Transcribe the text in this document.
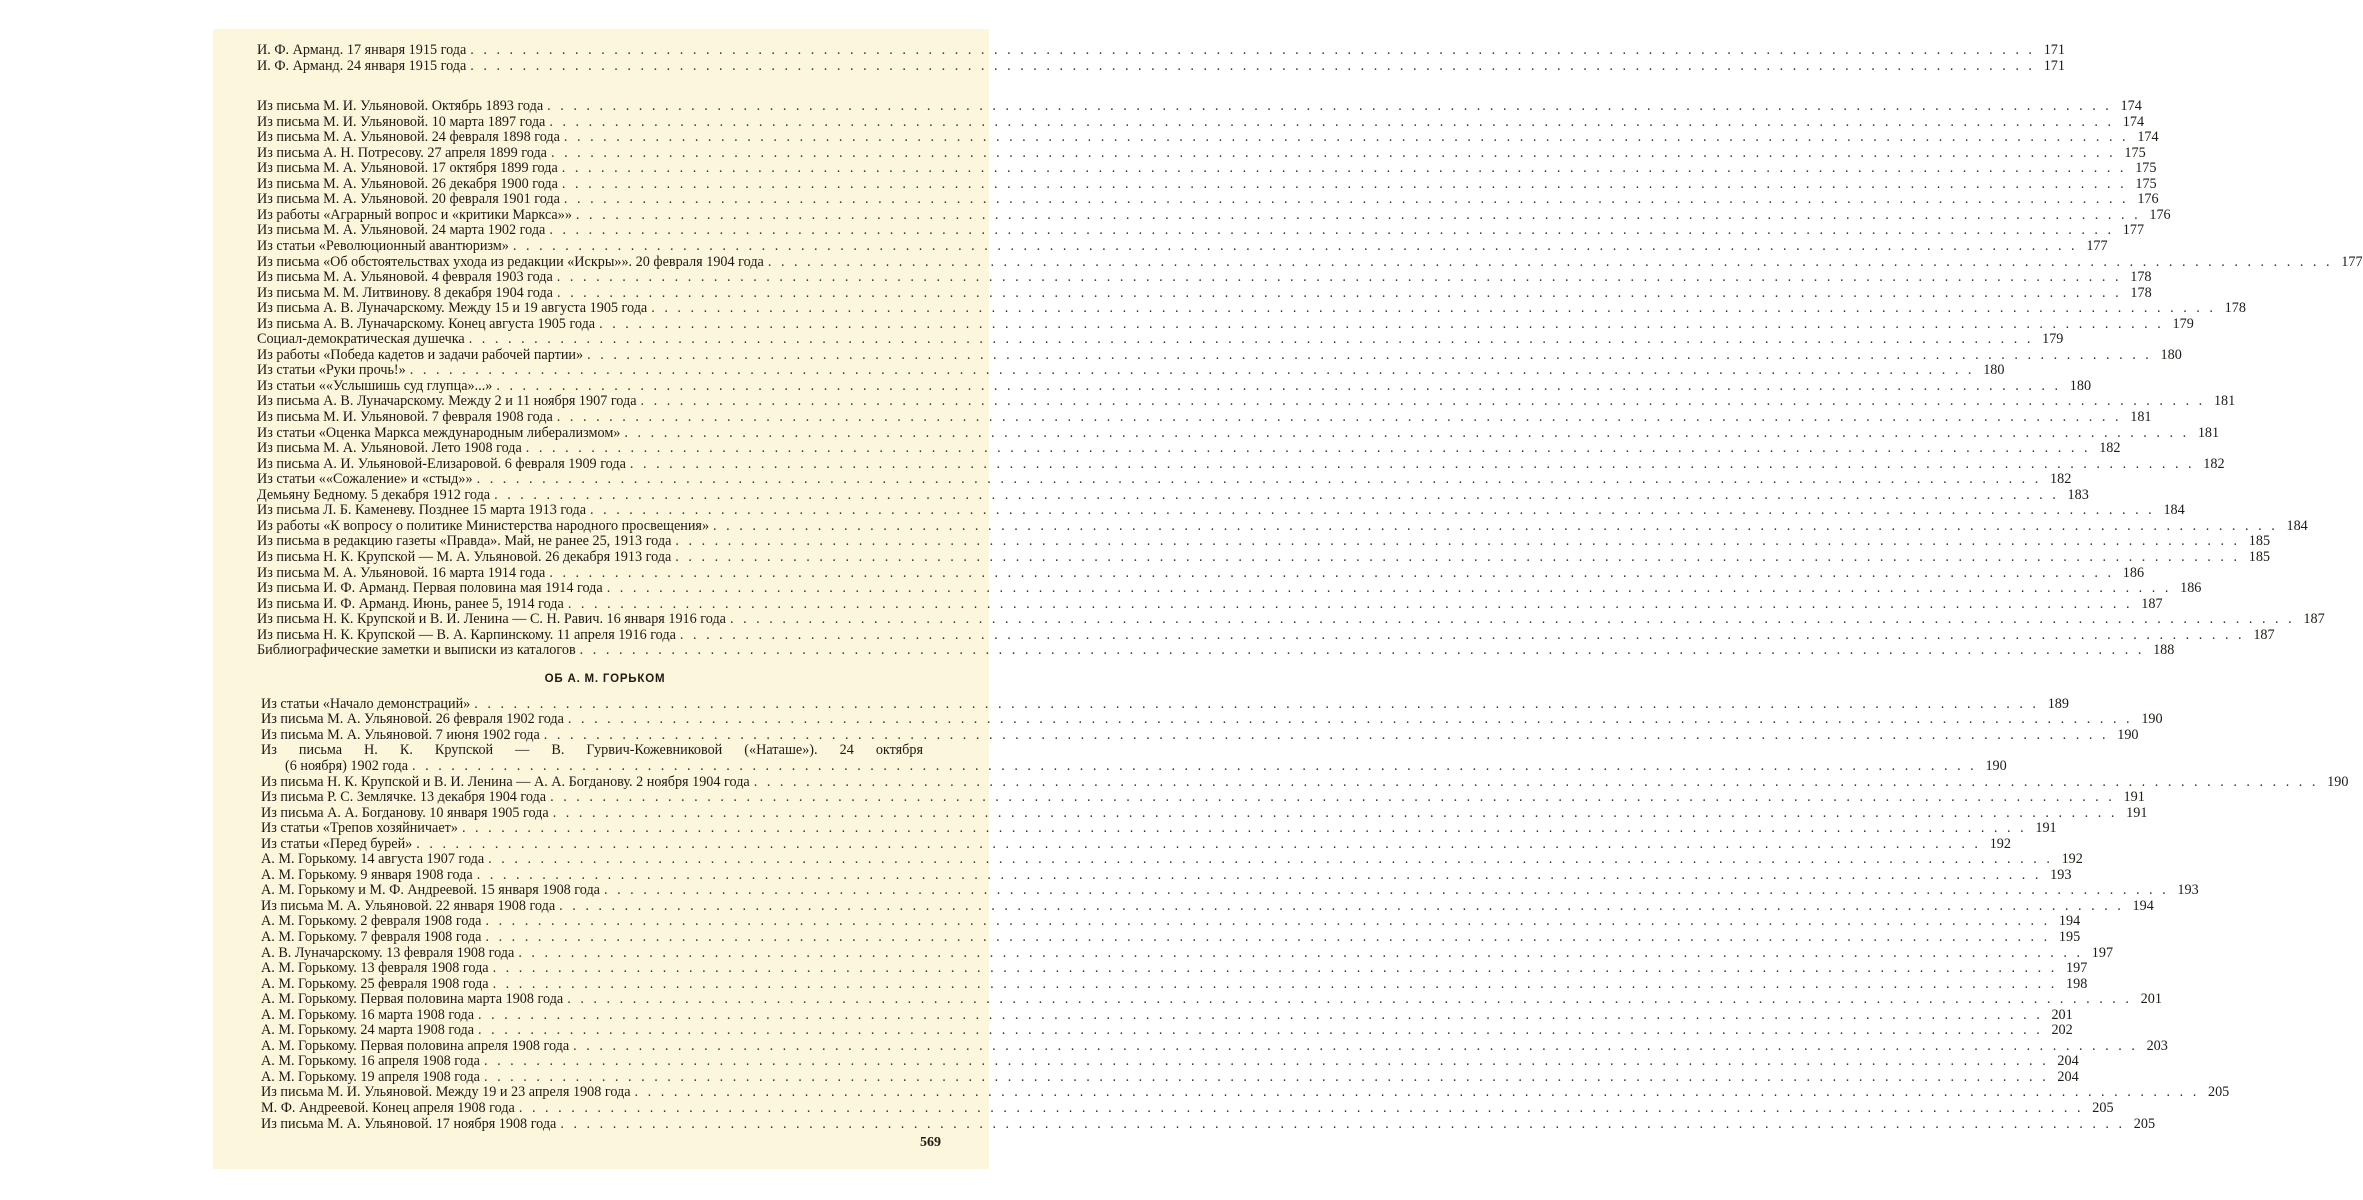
И. Ф. Арманд. 17 января 1915 года . . . . . . . . . . . . . . . . . . . . . . . . . . . . . . . . . . . . . . . . . . . . . . . . . . . . . . . . . . . . . . . . . . . . . . . . . . . . . . . . . . . . . . . . . . . . . . . . . . . . . . . . . . . . . . . . . . . . . . . . 171
И. Ф. Арманд. 24 января 1915 года . . . . . . . . . . . . . . . . . . . . . . . . . . . . . . . . . . . . . . . . . . . . . . . . . . . . . . . . . . . . . . . . . . . . . . . . . . . . . . . . . . . . . . . . . . . . . . . . . . . . . . . . . . . . . . . . . . . . . . . . 171
Из письма М. И. Ульяновой. Октябрь 1893 года . . . . . . . . . . . . . . . . . . . . . . . . . . . . . . . . . . . . . . . . . . . . . . . . . . . . . . . . . . . . . . . . . . . . . . . . . . . . . . . . . . . . . . . . . . . . . . . . . . . . . . . . . . . . . . . . . . . . . . . . 174
Из письма М. И. Ульяновой. 10 марта 1897 года . . . . . . . . . . . . . . . . . . . . . . . . . . . . . . . . . . . . . . . . . . . . . . . . . . . . . . . . . . . . . . . . . . . . . . . . . . . . . . . . . . . . . . . . . . . . . . . . . . . . . . . . . . . . . . . . . . . . . . . . 174
Из письма М. А. Ульяновой. 24 февраля 1898 года . . . . . . . . . . . . . . . . . . . . . . . . . . . . . . . . . . . . . . . . . . . . . . . . . . . . . . . . . . . . . . . . . . . . . . . . . . . . . . . . . . . . . . . . . . . . . . . . . . . . . . . . . . . . . . . . . . . . . . . . 174
Из письма А. Н. Потресову. 27 апреля 1899 года . . . . . . . . . . . . . . . . . . . . . . . . . . . . . . . . . . . . . . . . . . . . . . . . . . . . . . . . . . . . . . . . . . . . . . . . . . . . . . . . . . . . . . . . . . . . . . . . . . . . . . . . . . . . . . . . . . . . . . . . 175
Из письма М. А. Ульяновой. 17 октября 1899 года . . . . . . . . . . . . . . . . . . . . . . . . . . . . . . . . . . . . . . . . . . . . . . . . . . . . . . . . . . . . . . . . . . . . . . . . . . . . . . . . . . . . . . . . . . . . . . . . . . . . . . . . . . . . . . . . . . . . . . . . 175
Из письма М. А. Ульяновой. 26 декабря 1900 года . . . . . . . . . . . . . . . . . . . . . . . . . . . . . . . . . . . . . . . . . . . . . . . . . . . . . . . . . . . . . . . . . . . . . . . . . . . . . . . . . . . . . . . . . . . . . . . . . . . . . . . . . . . . . . . . . . . . . . . . 175
Из письма М. А. Ульяновой. 20 февраля 1901 года . . . . . . . . . . . . . . . . . . . . . . . . . . . . . . . . . . . . . . . . . . . . . . . . . . . . . . . . . . . . . . . . . . . . . . . . . . . . . . . . . . . . . . . . . . . . . . . . . . . . . . . . . . . . . . . . . . . . . . . . 176
Из работы «Аграрный вопрос и «критики Маркса»» . . . . . . . . . . . . . . . . . . . . . . . . . . . . . . . . . . . . . . . . . . . . . . . . . . . . . . . . . . . . . . . . . . . . . . . . . . . . . . . . . . . . . . . . . . . . . . . . . . . . . . . . . . . . . . . . . . . . . . . . 176
Из письма М. А. Ульяновой. 24 марта 1902 года . . . . . . . . . . . . . . . . . . . . . . . . . . . . . . . . . . . . . . . . . . . . . . . . . . . . . . . . . . . . . . . . . . . . . . . . . . . . . . . . . . . . . . . . . . . . . . . . . . . . . . . . . . . . . . . . . . . . . . . . 177
Из статьи «Революционный авантюризм» . . . . . . . . . . . . . . . . . . . . . . . . . . . . . . . . . . . . . . . . . . . . . . . . . . . . . . . . . . . . . . . . . . . . . . . . . . . . . . . . . . . . . . . . . . . . . . . . . . . . . . . . . . . . . . . . . . . . . . . . 177
Из письма «Об обстоятельствах ухода из редакции «Искры»». 20 февраля 1904 года . . . . . . . . . . . . . . . . . . . . . . . . . . . . . . . . . . . . . . . . . . . . . . . . . . . . . . . . . . . . . . . . . . . . . . . . . . . . . . . . . . . . . . . . . . . . . . . . . . . . . . . . . . . . . . . . . . . . . . . . 177
Из письма М. А. Ульяновой. 4 февраля 1903 года . . . . . . . . . . . . . . . . . . . . . . . . . . . . . . . . . . . . . . . . . . . . . . . . . . . . . . . . . . . . . . . . . . . . . . . . . . . . . . . . . . . . . . . . . . . . . . . . . . . . . . . . . . . . . . . . . . . . . . . . 178
Из письма М. М. Литвинову. 8 декабря 1904 года . . . . . . . . . . . . . . . . . . . . . . . . . . . . . . . . . . . . . . . . . . . . . . . . . . . . . . . . . . . . . . . . . . . . . . . . . . . . . . . . . . . . . . . . . . . . . . . . . . . . . . . . . . . . . . . . . . . . . . . . 178
Из письма А. В. Луначарскому. Между 15 и 19 августа 1905 года . . . . . . . . . . . . . . . . . . . . . . . . . . . . . . . . . . . . . . . . . . . . . . . . . . . . . . . . . . . . . . . . . . . . . . . . . . . . . . . . . . . . . . . . . . . . . . . . . . . . . . . . . . . . . . . . . . . . . . . . 178
Из письма А. В. Луначарскому. Конец августа 1905 года . . . . . . . . . . . . . . . . . . . . . . . . . . . . . . . . . . . . . . . . . . . . . . . . . . . . . . . . . . . . . . . . . . . . . . . . . . . . . . . . . . . . . . . . . . . . . . . . . . . . . . . . . . . . . . . . . . . . . . . . 179
Социал-демократическая душечка . . . . . . . . . . . . . . . . . . . . . . . . . . . . . . . . . . . . . . . . . . . . . . . . . . . . . . . . . . . . . . . . . . . . . . . . . . . . . . . . . . . . . . . . . . . . . . . . . . . . . . . . . . . . . . . . . . . . . . . . 179
Из работы «Победа кадетов и задачи рабочей партии» . . . . . . . . . . . . . . . . . . . . . . . . . . . . . . . . . . . . . . . . . . . . . . . . . . . . . . . . . . . . . . . . . . . . . . . . . . . . . . . . . . . . . . . . . . . . . . . . . . . . . . . . . . . . . . . . . . . . . . . . 180
Из статьи «Руки прочь!» . . . . . . . . . . . . . . . . . . . . . . . . . . . . . . . . . . . . . . . . . . . . . . . . . . . . . . . . . . . . . . . . . . . . . . . . . . . . . . . . . . . . . . . . . . . . . . . . . . . . . . . . . . . . . . . . . . . . . . . . 180
Из статьи ««Услышишь суд глупца»...» . . . . . . . . . . . . . . . . . . . . . . . . . . . . . . . . . . . . . . . . . . . . . . . . . . . . . . . . . . . . . . . . . . . . . . . . . . . . . . . . . . . . . . . . . . . . . . . . . . . . . . . . . . . . . . . . . . . . . . . . 180
Из письма А. В. Луначарскому. Между 2 и 11 ноября 1907 года . . . . . . . . . . . . . . . . . . . . . . . . . . . . . . . . . . . . . . . . . . . . . . . . . . . . . . . . . . . . . . . . . . . . . . . . . . . . . . . . . . . . . . . . . . . . . . . . . . . . . . . . . . . . . . . . . . . . . . . . 181
Из письма М. И. Ульяновой. 7 февраля 1908 года . . . . . . . . . . . . . . . . . . . . . . . . . . . . . . . . . . . . . . . . . . . . . . . . . . . . . . . . . . . . . . . . . . . . . . . . . . . . . . . . . . . . . . . . . . . . . . . . . . . . . . . . . . . . . . . . . . . . . . . . 181
Из статьи «Оценка Маркса международным либерализмом» . . . . . . . . . . . . . . . . . . . . . . . . . . . . . . . . . . . . . . . . . . . . . . . . . . . . . . . . . . . . . . . . . . . . . . . . . . . . . . . . . . . . . . . . . . . . . . . . . . . . . . . . . . . . . . . . . . . . . . . . 181
Из письма М. А. Ульяновой. Лето 1908 года . . . . . . . . . . . . . . . . . . . . . . . . . . . . . . . . . . . . . . . . . . . . . . . . . . . . . . . . . . . . . . . . . . . . . . . . . . . . . . . . . . . . . . . . . . . . . . . . . . . . . . . . . . . . . . . . . . . . . . . . 182
Из письма А. И. Ульяновой-Елизаровой. 6 февраля 1909 года . . . . . . . . . . . . . . . . . . . . . . . . . . . . . . . . . . . . . . . . . . . . . . . . . . . . . . . . . . . . . . . . . . . . . . . . . . . . . . . . . . . . . . . . . . . . . . . . . . . . . . . . . . . . . . . . . . . . . . . . 182
Из статьи ««Сожаление» и «стыд»» . . . . . . . . . . . . . . . . . . . . . . . . . . . . . . . . . . . . . . . . . . . . . . . . . . . . . . . . . . . . . . . . . . . . . . . . . . . . . . . . . . . . . . . . . . . . . . . . . . . . . . . . . . . . . . . . . . . . . . . . 182
Демьяну Бедному. 5 декабря 1912 года . . . . . . . . . . . . . . . . . . . . . . . . . . . . . . . . . . . . . . . . . . . . . . . . . . . . . . . . . . . . . . . . . . . . . . . . . . . . . . . . . . . . . . . . . . . . . . . . . . . . . . . . . . . . . . . . . . . . . . . . 183
Из письма Л. Б. Каменеву. Позднее 15 марта 1913 года . . . . . . . . . . . . . . . . . . . . . . . . . . . . . . . . . . . . . . . . . . . . . . . . . . . . . . . . . . . . . . . . . . . . . . . . . . . . . . . . . . . . . . . . . . . . . . . . . . . . . . . . . . . . . . . . . . . . . . . . 184
Из работы «К вопросу о политике Министерства народного просвещения» . . . . . . . . . . . . . . . . . . . . . . . . . . . . . . . . . . . . . . . . . . . . . . . . . . . . . . . . . . . . . . . . . . . . . . . . . . . . . . . . . . . . . . . . . . . . . . . . . . . . . . . . . . . . . . . . . . . . . . . . 184
Из письма в редакцию газеты «Правда». Май, не ранее 25, 1913 года . . . . . . . . . . . . . . . . . . . . . . . . . . . . . . . . . . . . . . . . . . . . . . . . . . . . . . . . . . . . . . . . . . . . . . . . . . . . . . . . . . . . . . . . . . . . . . . . . . . . . . . . . . . . . . . . . . . . . . . . 185
Из письма Н. К. Крупской — М. А. Ульяновой. 26 декабря 1913 года . . . . . . . . . . . . . . . . . . . . . . . . . . . . . . . . . . . . . . . . . . . . . . . . . . . . . . . . . . . . . . . . . . . . . . . . . . . . . . . . . . . . . . . . . . . . . . . . . . . . . . . . . . . . . . . . . . . . . . . . 185
Из письма М. А. Ульяновой. 16 марта 1914 года . . . . . . . . . . . . . . . . . . . . . . . . . . . . . . . . . . . . . . . . . . . . . . . . . . . . . . . . . . . . . . . . . . . . . . . . . . . . . . . . . . . . . . . . . . . . . . . . . . . . . . . . . . . . . . . . . . . . . . . . 186
Из письма И. Ф. Арманд. Первая половина мая 1914 года . . . . . . . . . . . . . . . . . . . . . . . . . . . . . . . . . . . . . . . . . . . . . . . . . . . . . . . . . . . . . . . . . . . . . . . . . . . . . . . . . . . . . . . . . . . . . . . . . . . . . . . . . . . . . . . . . . . . . . . . 186
Из письма И. Ф. Арманд. Июнь, ранее 5, 1914 года . . . . . . . . . . . . . . . . . . . . . . . . . . . . . . . . . . . . . . . . . . . . . . . . . . . . . . . . . . . . . . . . . . . . . . . . . . . . . . . . . . . . . . . . . . . . . . . . . . . . . . . . . . . . . . . . . . . . . . . . 187
Из письма Н. К. Крупской и В. И. Ленина — С. Н. Равич. 16 января 1916 года . . . . . . . . . . . . . . . . . . . . . . . . . . . . . . . . . . . . . . . . . . . . . . . . . . . . . . . . . . . . . . . . . . . . . . . . . . . . . . . . . . . . . . . . . . . . . . . . . . . . . . . . . . . . . . . . . . . . . . . . 187
Из письма Н. К. Крупской — В. А. Карпинскому. 11 апреля 1916 года . . . . . . . . . . . . . . . . . . . . . . . . . . . . . . . . . . . . . . . . . . . . . . . . . . . . . . . . . . . . . . . . . . . . . . . . . . . . . . . . . . . . . . . . . . . . . . . . . . . . . . . . . . . . . . . . . . . . . . . . 187
Библиографические заметки и выписки из каталогов . . . . . . . . . . . . . . . . . . . . . . . . . . . . . . . . . . . . . . . . . . . . . . . . . . . . . . . . . . . . . . . . . . . . . . . . . . . . . . . . . . . . . . . . . . . . . . . . . . . . . . . . . . . . . . . . . . . . . . . . 188
ОБ А. М. ГОРЬКОМ
Из статьи «Начало демонстраций» . . . . . . . . . . . . . . . . . . . . . . . . . . . . . . . . . . . . . . . . . . . . . . . . . . . . . . . . . . . . . . . . . . . . . . . . . . . . . . . . . . . . . . . . . . . . . . . . . . . . . . . . . . . . . . . . . . . . . . . . 189
Из письма М. А. Ульяновой. 26 февраля 1902 года . . . . . . . . . . . . . . . . . . . . . . . . . . . . . . . . . . . . . . . . . . . . . . . . . . . . . . . . . . . . . . . . . . . . . . . . . . . . . . . . . . . . . . . . . . . . . . . . . . . . . . . . . . . . . . . . . . . . . . . . 190
Из письма М. А. Ульяновой. 7 июня 1902 года . . . . . . . . . . . . . . . . . . . . . . . . . . . . . . . . . . . . . . . . . . . . . . . . . . . . . . . . . . . . . . . . . . . . . . . . . . . . . . . . . . . . . . . . . . . . . . . . . . . . . . . . . . . . . . . . . . . . . . . . 190
Из письма Н. К. Крупской — В. Гурвич-Кожевниковой («Наташе»). 24 октября
(6 ноября) 1902 года . . . . . . . . . . . . . . . . . . . . . . . . . . . . . . . . . . . . . . . . . . . . . . . . . . . . . . . . . . . . . . . . . . . . . . . . . . . . . . . . . . . . . . . . . . . . . . . . . . . . . . . . . . . . . . . . . . . . . . . . 190
Из письма Н. К. Крупской и В. И. Ленина — А. А. Богданову. 2 ноября 1904 года . . . . . . . . . . . . . . . . . . . . . . . . . . . . . . . . . . . . . . . . . . . . . . . . . . . . . . . . . . . . . . . . . . . . . . . . . . . . . . . . . . . . . . . . . . . . . . . . . . . . . . . . . . . . . . . . . . . . . . . . 190
Из письма Р. С. Землячке. 13 декабря 1904 года . . . . . . . . . . . . . . . . . . . . . . . . . . . . . . . . . . . . . . . . . . . . . . . . . . . . . . . . . . . . . . . . . . . . . . . . . . . . . . . . . . . . . . . . . . . . . . . . . . . . . . . . . . . . . . . . . . . . . . . . 191
Из письма А. А. Богданову. 10 января 1905 года . . . . . . . . . . . . . . . . . . . . . . . . . . . . . . . . . . . . . . . . . . . . . . . . . . . . . . . . . . . . . . . . . . . . . . . . . . . . . . . . . . . . . . . . . . . . . . . . . . . . . . . . . . . . . . . . . . . . . . . . 191
Из статьи «Трепов хозяйничает» . . . . . . . . . . . . . . . . . . . . . . . . . . . . . . . . . . . . . . . . . . . . . . . . . . . . . . . . . . . . . . . . . . . . . . . . . . . . . . . . . . . . . . . . . . . . . . . . . . . . . . . . . . . . . . . . . . . . . . . . 191
Из статьи «Перед бурей» . . . . . . . . . . . . . . . . . . . . . . . . . . . . . . . . . . . . . . . . . . . . . . . . . . . . . . . . . . . . . . . . . . . . . . . . . . . . . . . . . . . . . . . . . . . . . . . . . . . . . . . . . . . . . . . . . . . . . . . . 192
А. М. Горькому. 14 августа 1907 года . . . . . . . . . . . . . . . . . . . . . . . . . . . . . . . . . . . . . . . . . . . . . . . . . . . . . . . . . . . . . . . . . . . . . . . . . . . . . . . . . . . . . . . . . . . . . . . . . . . . . . . . . . . . . . . . . . . . . . . . 192
А. М. Горькому. 9 января 1908 года . . . . . . . . . . . . . . . . . . . . . . . . . . . . . . . . . . . . . . . . . . . . . . . . . . . . . . . . . . . . . . . . . . . . . . . . . . . . . . . . . . . . . . . . . . . . . . . . . . . . . . . . . . . . . . . . . . . . . . . . 193
А. М. Горькому и М. Ф. Андреевой. 15 января 1908 года . . . . . . . . . . . . . . . . . . . . . . . . . . . . . . . . . . . . . . . . . . . . . . . . . . . . . . . . . . . . . . . . . . . . . . . . . . . . . . . . . . . . . . . . . . . . . . . . . . . . . . . . . . . . . . . . . . . . . . . . 193
Из письма М. А. Ульяновой. 22 января 1908 года . . . . . . . . . . . . . . . . . . . . . . . . . . . . . . . . . . . . . . . . . . . . . . . . . . . . . . . . . . . . . . . . . . . . . . . . . . . . . . . . . . . . . . . . . . . . . . . . . . . . . . . . . . . . . . . . . . . . . . . . 194
А. М. Горькому. 2 февраля 1908 года . . . . . . . . . . . . . . . . . . . . . . . . . . . . . . . . . . . . . . . . . . . . . . . . . . . . . . . . . . . . . . . . . . . . . . . . . . . . . . . . . . . . . . . . . . . . . . . . . . . . . . . . . . . . . . . . . . . . . . . . 194
А. М. Горькому. 7 февраля 1908 года . . . . . . . . . . . . . . . . . . . . . . . . . . . . . . . . . . . . . . . . . . . . . . . . . . . . . . . . . . . . . . . . . . . . . . . . . . . . . . . . . . . . . . . . . . . . . . . . . . . . . . . . . . . . . . . . . . . . . . . . 195
А. В. Луначарскому. 13 февраля 1908 года . . . . . . . . . . . . . . . . . . . . . . . . . . . . . . . . . . . . . . . . . . . . . . . . . . . . . . . . . . . . . . . . . . . . . . . . . . . . . . . . . . . . . . . . . . . . . . . . . . . . . . . . . . . . . . . . . . . . . . . . 197
А. М. Горькому. 13 февраля 1908 года . . . . . . . . . . . . . . . . . . . . . . . . . . . . . . . . . . . . . . . . . . . . . . . . . . . . . . . . . . . . . . . . . . . . . . . . . . . . . . . . . . . . . . . . . . . . . . . . . . . . . . . . . . . . . . . . . . . . . . . . 197
А. М. Горькому. 25 февраля 1908 года . . . . . . . . . . . . . . . . . . . . . . . . . . . . . . . . . . . . . . . . . . . . . . . . . . . . . . . . . . . . . . . . . . . . . . . . . . . . . . . . . . . . . . . . . . . . . . . . . . . . . . . . . . . . . . . . . . . . . . . . 198
А. М. Горькому. Первая половина марта 1908 года . . . . . . . . . . . . . . . . . . . . . . . . . . . . . . . . . . . . . . . . . . . . . . . . . . . . . . . . . . . . . . . . . . . . . . . . . . . . . . . . . . . . . . . . . . . . . . . . . . . . . . . . . . . . . . . . . . . . . . . . 201
А. М. Горькому. 16 марта 1908 года . . . . . . . . . . . . . . . . . . . . . . . . . . . . . . . . . . . . . . . . . . . . . . . . . . . . . . . . . . . . . . . . . . . . . . . . . . . . . . . . . . . . . . . . . . . . . . . . . . . . . . . . . . . . . . . . . . . . . . . . 201
А. М. Горькому. 24 марта 1908 года . . . . . . . . . . . . . . . . . . . . . . . . . . . . . . . . . . . . . . . . . . . . . . . . . . . . . . . . . . . . . . . . . . . . . . . . . . . . . . . . . . . . . . . . . . . . . . . . . . . . . . . . . . . . . . . . . . . . . . . . 202
А. М. Горькому. Первая половина апреля 1908 года . . . . . . . . . . . . . . . . . . . . . . . . . . . . . . . . . . . . . . . . . . . . . . . . . . . . . . . . . . . . . . . . . . . . . . . . . . . . . . . . . . . . . . . . . . . . . . . . . . . . . . . . . . . . . . . . . . . . . . . . 203
А. М. Горькому. 16 апреля 1908 года . . . . . . . . . . . . . . . . . . . . . . . . . . . . . . . . . . . . . . . . . . . . . . . . . . . . . . . . . . . . . . . . . . . . . . . . . . . . . . . . . . . . . . . . . . . . . . . . . . . . . . . . . . . . . . . . . . . . . . . . 204
А. М. Горькому. 19 апреля 1908 года . . . . . . . . . . . . . . . . . . . . . . . . . . . . . . . . . . . . . . . . . . . . . . . . . . . . . . . . . . . . . . . . . . . . . . . . . . . . . . . . . . . . . . . . . . . . . . . . . . . . . . . . . . . . . . . . . . . . . . . . 204
Из письма М. И. Ульяновой. Между 19 и 23 апреля 1908 года . . . . . . . . . . . . . . . . . . . . . . . . . . . . . . . . . . . . . . . . . . . . . . . . . . . . . . . . . . . . . . . . . . . . . . . . . . . . . . . . . . . . . . . . . . . . . . . . . . . . . . . . . . . . . . . . . . . . . . . . 205
М. Ф. Андреевой. Конец апреля 1908 года . . . . . . . . . . . . . . . . . . . . . . . . . . . . . . . . . . . . . . . . . . . . . . . . . . . . . . . . . . . . . . . . . . . . . . . . . . . . . . . . . . . . . . . . . . . . . . . . . . . . . . . . . . . . . . . . . . . . . . . . 205
Из письма М. А. Ульяновой. 17 ноября 1908 года . . . . . . . . . . . . . . . . . . . . . . . . . . . . . . . . . . . . . . . . . . . . . . . . . . . . . . . . . . . . . . . . . . . . . . . . . . . . . . . . . . . . . . . . . . . . . . . . . . . . . . . . . . . . . . . . . . . . . . . . 205
569
